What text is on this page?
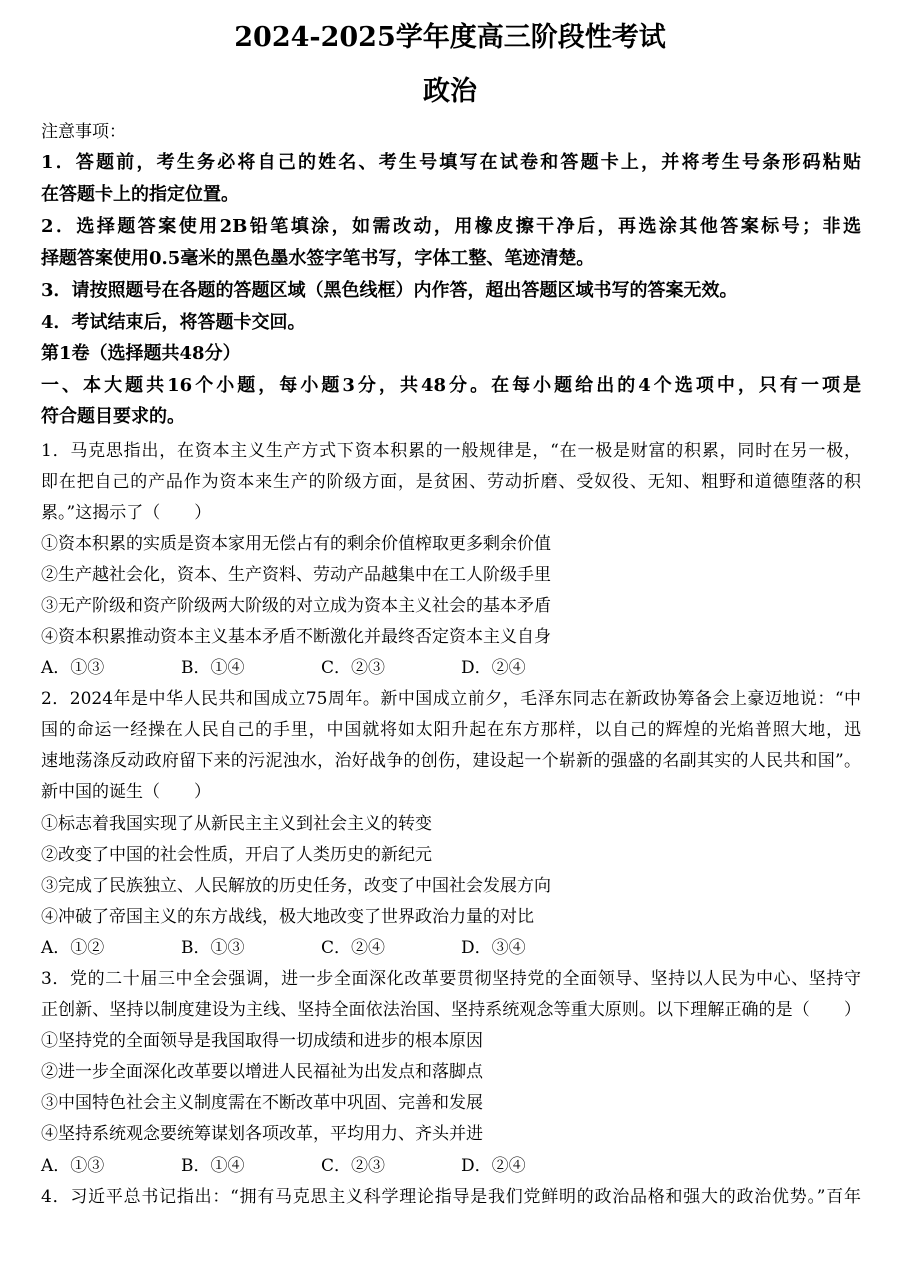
2024-2025学年度高三阶段性考试
政治

注意事项：

1．答题前，考生务必将自己的姓名、考生号填写在试卷和答题卡上，并将考生号条形码粘贴

在答题卡上的指定位置。

2．选择题答案使用2B铅笔填涂，如需改动，用橡皮擦干净后，再选涂其他答案标号；非选

择题答案使用0.5毫米的黑色墨水签字笔书写，字体工整、笔迹清楚。

3．请按照题号在各题的答题区域（黑色线框）内作答，超出答题区域书写的答案无效。

4．考试结束后，将答题卡交回。

第1卷（选择题共48分）

一、本大题共16个小题，每小题3分，共48分。在每小题给出的4个选项中，只有一项是

符合题目要求的。

1．马克思指出，在资本主义生产方式下资本积累的一般规律是，“在一极是财富的积累，同时在另一极，

即在把自己的产品作为资本来生产的阶级方面，是贫困、劳动折磨、受奴役、无知、粗野和道德堕落的积

累。”这揭示了（　　）

①资本积累的实质是资本家用无偿占有的剩余价值榨取更多剩余价值

②生产越社会化，资本、生产资料、劳动产品越集中在工人阶级手里

③无产阶级和资产阶级两大阶级的对立成为资本主义社会的基本矛盾

④资本积累推动资本主义基本矛盾不断激化并最终否定资本主义自身

A．①③	B．①④	C．②③	D．②④

2．2024年是中华人民共和国成立75周年。新中国成立前夕，毛泽东同志在新政协筹备会上豪迈地说：“中

国的命运一经操在人民自己的手里，中国就将如太阳升起在东方那样，以自己的辉煌的光焰普照大地，迅

速地荡涤反动政府留下来的污泥浊水，治好战争的创伤，建设起一个崭新的强盛的名副其实的人民共和国”。

新中国的诞生（　　）

①标志着我国实现了从新民主主义到社会主义的转变

②改变了中国的社会性质，开启了人类历史的新纪元

③完成了民族独立、人民解放的历史任务，改变了中国社会发展方向

④冲破了帝国主义的东方战线，极大地改变了世界政治力量的对比

A．①②	B．①③	C．②④	D．③④

3．党的二十届三中全会强调，进一步全面深化改革要贯彻坚持党的全面领导、坚持以人民为中心、坚持守

正创新、坚持以制度建设为主线、坚持全面依法治国、坚持系统观念等重大原则。以下理解正确的是（　　）

①坚持党的全面领导是我国取得一切成绩和进步的根本原因

②进一步全面深化改革要以增进人民福祉为出发点和落脚点

③中国特色社会主义制度需在不断改革中巩固、完善和发展

④坚持系统观念要统筹谋划各项改革，平均用力、齐头并进

A．①③	B．①④	C．②③	D．②④

4．习近平总书记指出：“拥有马克思主义科学理论指导是我们党鲜明的政治品格和强大的政治优势。”百年
